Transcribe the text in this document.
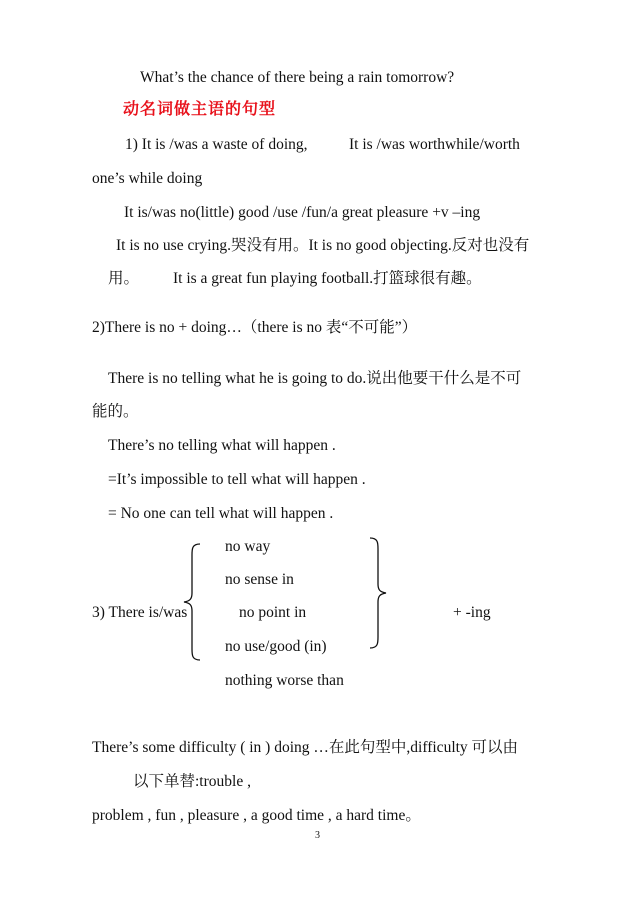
What’s the chance of there being a rain tomorrow?
动名词做主语的句型
1) It is /was a waste of doing,	It is /was worthwhile/worth
one’s while doing
It is/was no(little) good /use /fun/a great pleasure +v –ing
It is no use crying.哭没有用。It is no good objecting.反对也没有
用。 It is a great fun playing football.打篮球很有趣。
2)There is no + doing…（there is no 表“不可能”）
There is no telling what he is going to do.说出他要干什么是不可
能的。
There’s no telling what will happen .
=It’s impossible to tell what will happen .
= No one can tell what will happen .
no way
no sense in
3) There is/was	no point in	+ -ing
no use/good (in)
nothing worse than
There’s some difficulty ( in ) doing …在此句型中,difficulty 可以由
以下单替:trouble ,
problem , fun , pleasure , a good time , a hard time。
3
